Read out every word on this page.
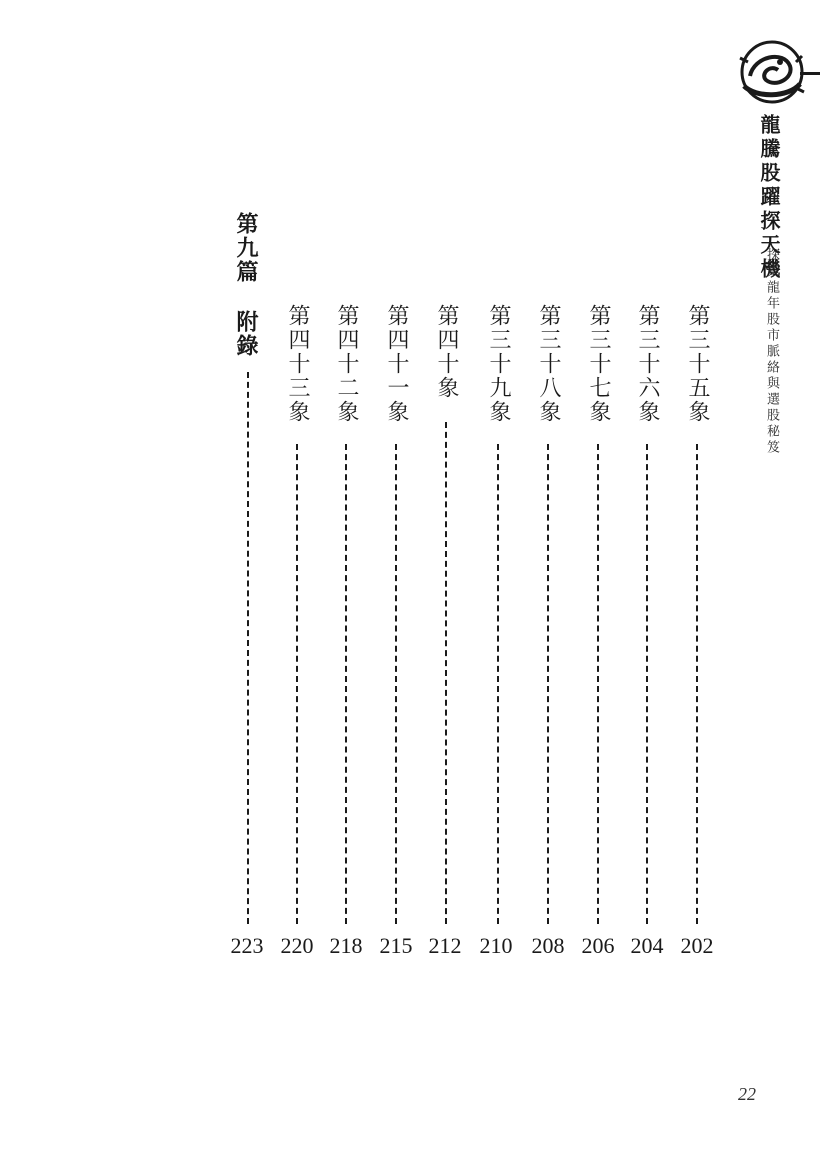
龍騰股躍探天機
探索龍年股市脈絡與選股秘笈
第九篇
附錄
223
第三十五象
202
第三十六象
204
第三十七象
206
第三十八象
208
第三十九象
210
第四十象
212
第四十一象
215
第四十二象
218
第四十三象
220
22
